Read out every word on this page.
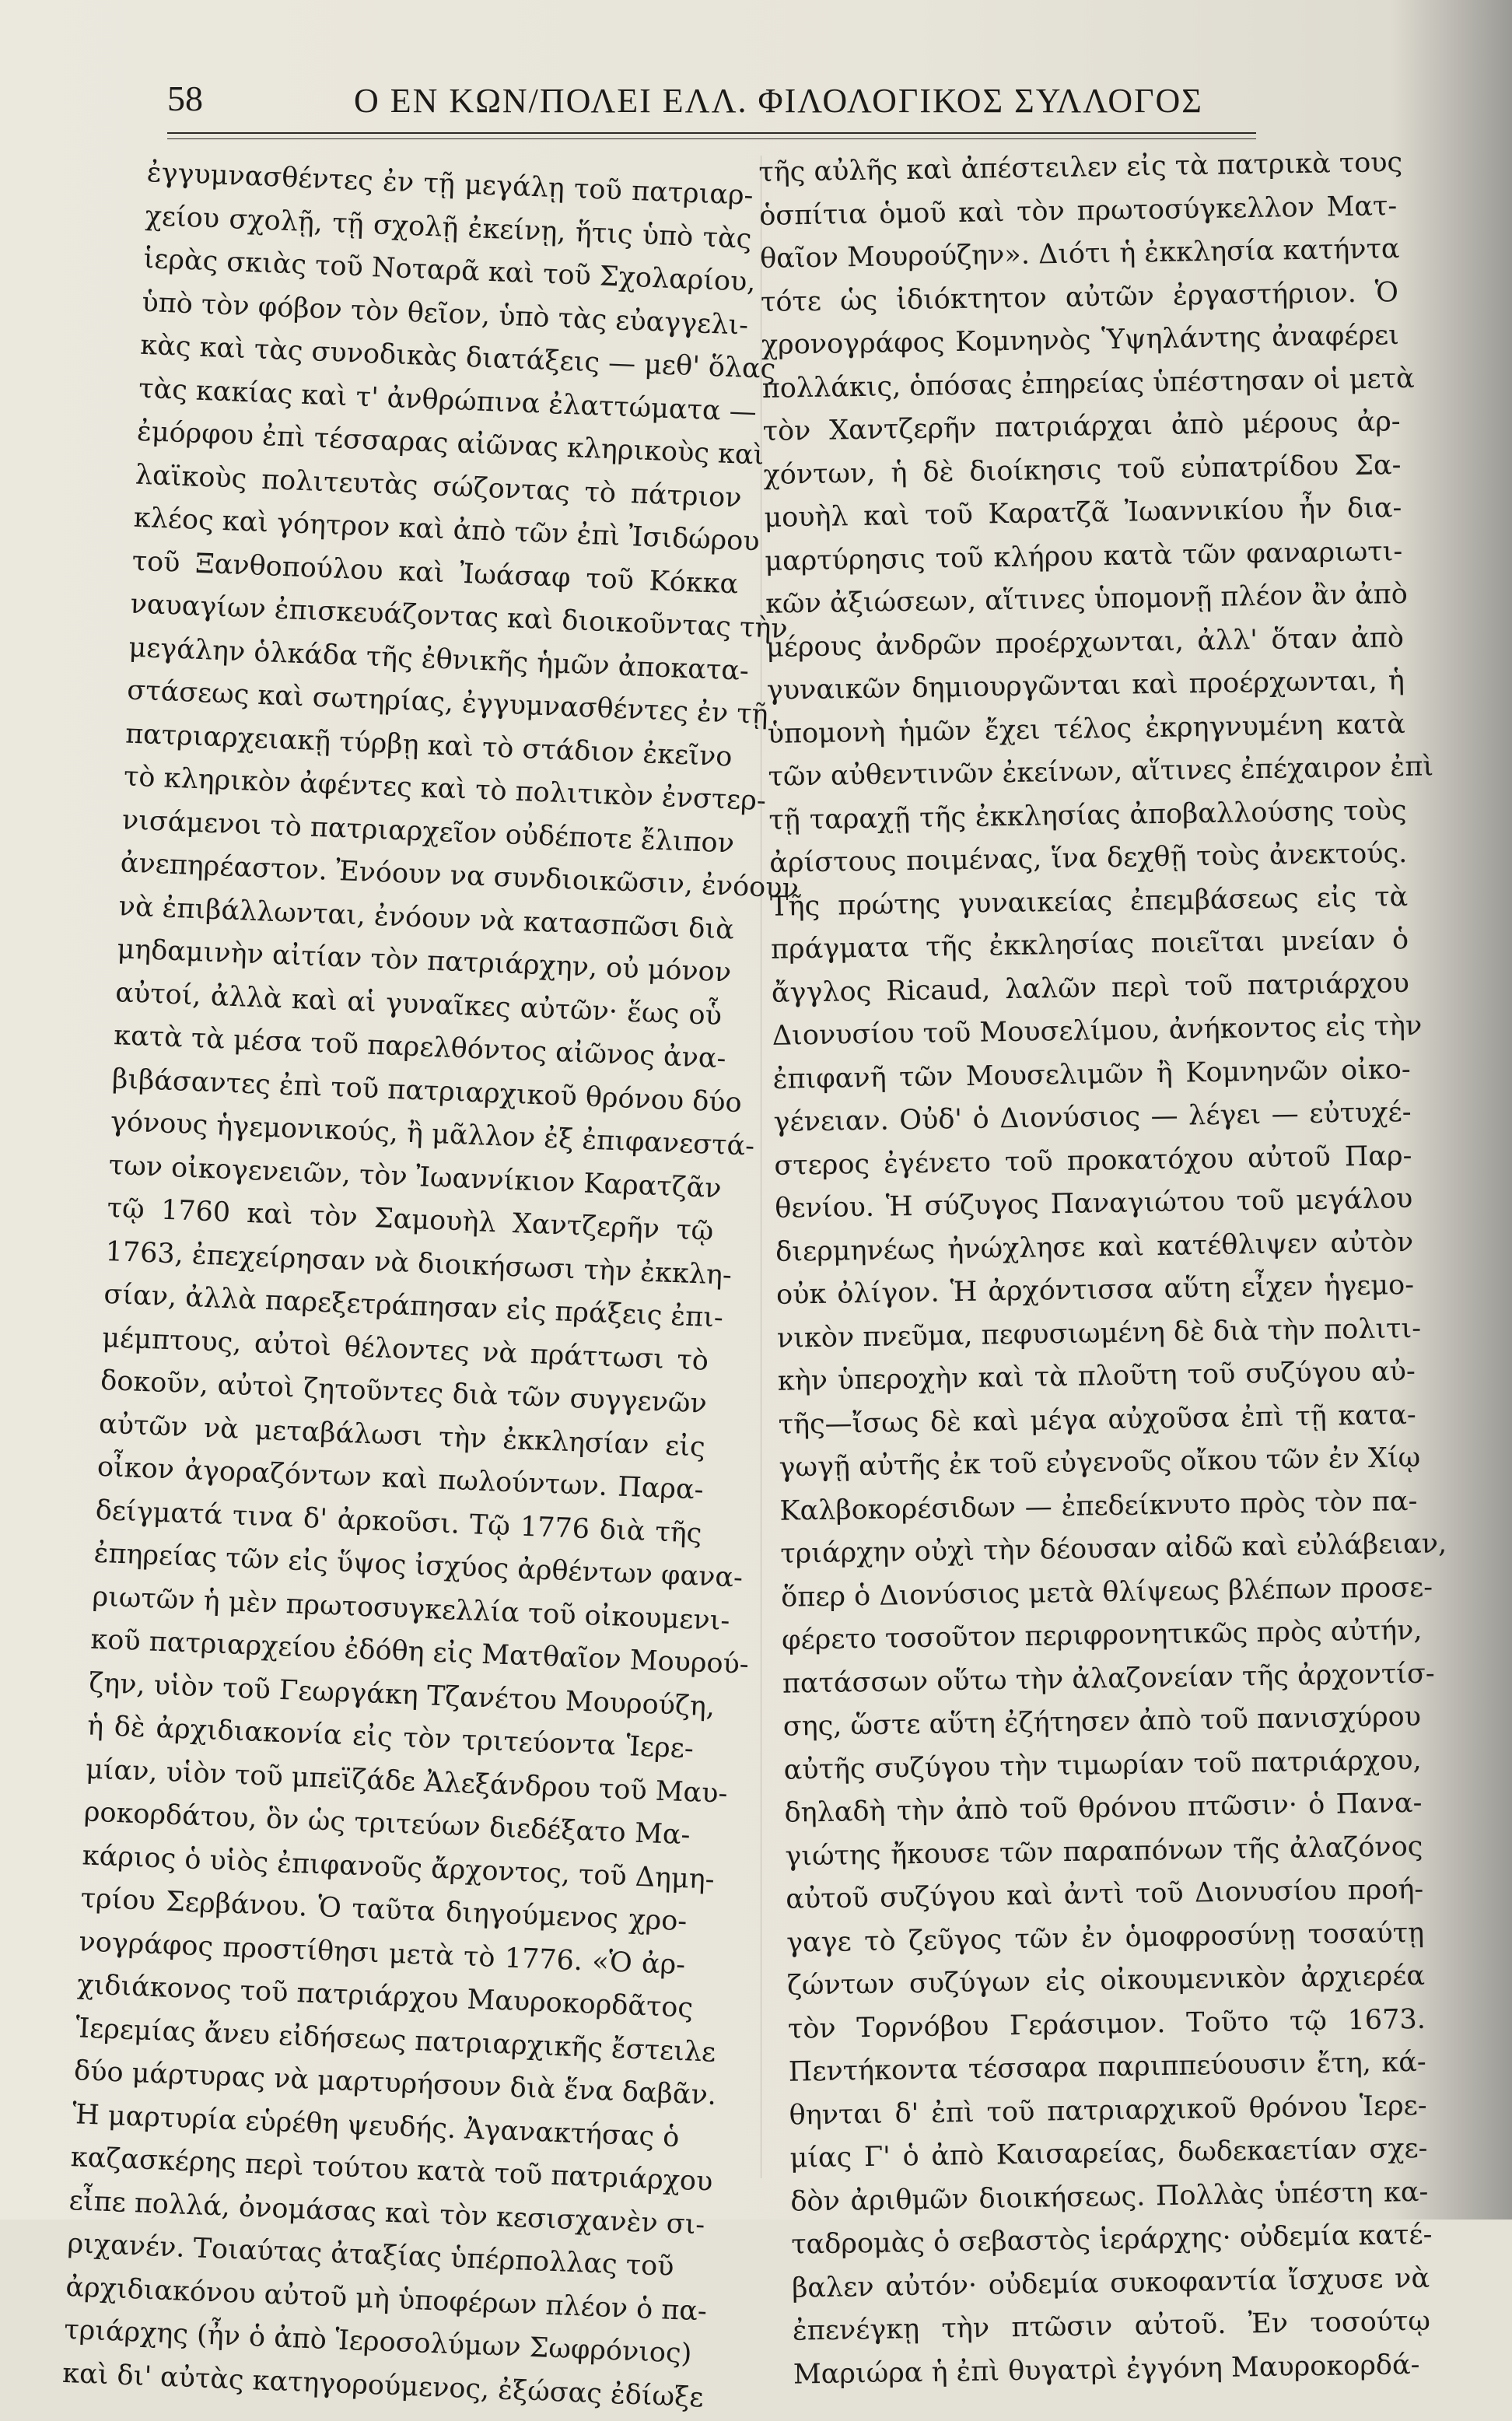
58	Ο ΕΝ ΚΩΝ/ΠΟΛΕΙ ΕΛΛ. ΦΙΛΟΛΟΓΙΚΟΣ ΣΥΛΛΟΓΟΣ
ἐγγυμνασθέντες ἐν τῇ μεγάλῃ τοῦ πατριαρ-
χείου σχολῇ, τῇ σχολῇ ἐκείνῃ, ἥτις ὑπὸ τὰς
ἱερὰς σκιὰς τοῦ Νοταρᾶ καὶ τοῦ Σχολαρίου,
ὑπὸ τὸν φόβον τὸν θεῖον, ὑπὸ τὰς εὐαγγελι-
κὰς καὶ τὰς συνοδικὰς διατάξεις — μεθ' ὅλας
τὰς κακίας καὶ τ' ἀνθρώπινα ἐλαττώματα —
ἐμόρφου ἐπὶ τέσσαρας αἰῶνας κληρικοὺς καὶ
λαϊκοὺς πολιτευτὰς σώζοντας τὸ πάτριον
κλέος καὶ γόητρον καὶ ἀπὸ τῶν ἐπὶ Ἰσιδώρου
τοῦ Ξανθοπούλου καὶ Ἰωάσαφ τοῦ Κόκκα
ναυαγίων ἐπισκευάζοντας καὶ διοικοῦντας τὴν
μεγάλην ὁλκάδα τῆς ἐθνικῆς ἡμῶν ἀποκατα-
στάσεως καὶ σωτηρίας, ἐγγυμνασθέντες ἐν τῇ
πατριαρχειακῇ τύρβῃ καὶ τὸ στάδιον ἐκεῖνο
τὸ κληρικὸν ἀφέντες καὶ τὸ πολιτικὸν ἐνστερ-
νισάμενοι τὸ πατριαρχεῖον οὐδέποτε ἔλιπον
ἀνεπηρέαστον. Ἐνόουν να συνδιοικῶσιν, ἐνόουν
νὰ ἐπιβάλλωνται, ἐνόουν νὰ κατασπῶσι διὰ
μηδαμινὴν αἰτίαν τὸν πατριάρχην, οὐ μόνον
αὐτοί, ἀλλὰ καὶ αἱ γυναῖκες αὐτῶν· ἕως οὗ
κατὰ τὰ μέσα τοῦ παρελθόντος αἰῶνος ἀνα-
βιβάσαντες ἐπὶ τοῦ πατριαρχικοῦ θρόνου δύο
γόνους ἡγεμονικούς, ἢ μᾶλλον ἐξ ἐπιφανεστά-
των οἰκογενειῶν, τὸν Ἰωαννίκιον Καρατζᾶν
τῷ 1760 καὶ τὸν Σαμουὴλ Χαντζερῆν τῷ
1763, ἐπεχείρησαν νὰ διοικήσωσι τὴν ἐκκλη-
σίαν, ἀλλὰ παρεξετράπησαν εἰς πράξεις ἐπι-
μέμπτους, αὐτοὶ θέλοντες νὰ πράττωσι τὸ
δοκοῦν, αὐτοὶ ζητοῦντες διὰ τῶν συγγενῶν
αὐτῶν νὰ μεταβάλωσι τὴν ἐκκλησίαν εἰς
οἶκον ἀγοραζόντων καὶ πωλούντων. Παρα-
δείγματά τινα δ' ἀρκοῦσι. Τῷ 1776 διὰ τῆς
ἐπηρείας τῶν εἰς ὕψος ἰσχύος ἀρθέντων φανα-
ριωτῶν ἡ μὲν πρωτοσυγκελλία τοῦ οἰκουμενι-
κοῦ πατριαρχείου ἐδόθη εἰς Ματθαῖον Μουρού-
ζην, υἱὸν τοῦ Γεωργάκη Τζανέτου Μουρούζη,
ἡ δὲ ἀρχιδιακονία εἰς τὸν τριτεύοντα Ἱερε-
μίαν, υἱὸν τοῦ μπεϊζάδε Ἀλεξάνδρου τοῦ Μαυ-
ροκορδάτου, ὃν ὡς τριτεύων διεδέξατο Μα-
κάριος ὁ υἱὸς ἐπιφανοῦς ἄρχοντος, τοῦ Δημη-
τρίου Σερβάνου. Ὁ ταῦτα διηγούμενος χρο-
νογράφος προστίθησι μετὰ τὸ 1776. «Ὁ ἀρ-
χιδιάκονος τοῦ πατριάρχου Μαυροκορδᾶτος
Ἱερεμίας ἄνευ εἰδήσεως πατριαρχικῆς ἔστειλε
δύο μάρτυρας νὰ μαρτυρήσουν διὰ ἕνα δαβᾶν.
Ἡ μαρτυρία εὑρέθη ψευδής. Ἀγανακτήσας ὁ
καζασκέρης περὶ τούτου κατὰ τοῦ πατριάρχου
εἶπε πολλά, ὀνομάσας καὶ τὸν κεσισχανὲν σι-
ριχανέν. Τοιαύτας ἀταξίας ὑπέρπολλας τοῦ
ἀρχιδιακόνου αὐτοῦ μὴ ὑποφέρων πλέον ὁ πα-
τριάρχης (ἦν ὁ ἀπὸ Ἱεροσολύμων Σωφρόνιος)
καὶ δι' αὐτὰς κατηγορούμενος, ἐξώσας ἐδίωξε
τῆς αὐλῆς καὶ ἀπέστειλεν εἰς τὰ πατρικὰ τους
ὁσπίτια ὁμοῦ καὶ τὸν πρωτοσύγκελλον Ματ-
θαῖον Μουρούζην». Διότι ἡ ἐκκλησία κατήντα
τότε ὡς ἰδιόκτητον αὐτῶν ἐργαστήριον. Ὁ
χρονογράφος Κομνηνὸς Ὑψηλάντης ἀναφέρει
πολλάκις, ὁπόσας ἐπηρείας ὑπέστησαν οἱ μετὰ
τὸν Χαντζερῆν πατριάρχαι ἀπὸ μέρους ἀρ-
χόντων, ἡ δὲ διοίκησις τοῦ εὐπατρίδου Σα-
μουὴλ καὶ τοῦ Καρατζᾶ Ἰωαννικίου ἦν δια-
μαρτύρησις τοῦ κλήρου κατὰ τῶν φαναριωτι-
κῶν ἀξιώσεων, αἵτινες ὑπομονῇ πλέον ἂν ἀπὸ
μέρους ἀνδρῶν προέρχωνται, ἀλλ' ὅταν ἀπὸ
γυναικῶν δημιουργῶνται καὶ προέρχωνται, ἡ
ὑπομονὴ ἡμῶν ἔχει τέλος ἐκρηγνυμένη κατὰ
τῶν αὐθεντινῶν ἐκείνων, αἵτινες ἐπέχαιρον ἐπὶ
τῇ ταραχῇ τῆς ἐκκλησίας ἀποβαλλούσης τοὺς
ἀρίστους ποιμένας, ἵνα δεχθῇ τοὺς ἀνεκτούς.
Τῆς πρώτης γυναικείας ἐπεμβάσεως εἰς τὰ
πράγματα τῆς ἐκκλησίας ποιεῖται μνείαν ὁ
ἄγγλος Ricaud, λαλῶν περὶ τοῦ πατριάρχου
Διονυσίου τοῦ Μουσελίμου, ἀνήκοντος εἰς τὴν
ἐπιφανῆ τῶν Μουσελιμῶν ἢ Κομνηνῶν οἰκο-
γένειαν. Οὐδ' ὁ Διονύσιος — λέγει — εὐτυχέ-
στερος ἐγένετο τοῦ προκατόχου αὐτοῦ Παρ-
θενίου. Ἡ σύζυγος Παναγιώτου τοῦ μεγάλου
διερμηνέως ἠνώχλησε καὶ κατέθλιψεν αὐτὸν
οὐκ ὀλίγον. Ἡ ἀρχόντισσα αὕτη εἶχεν ἡγεμο-
νικὸν πνεῦμα, πεφυσιωμένη δὲ διὰ τὴν πολιτι-
κὴν ὑπεροχὴν καὶ τὰ πλοῦτη τοῦ συζύγου αὐ-
τῆς—ἴσως δὲ καὶ μέγα αὐχοῦσα ἐπὶ τῇ κατα-
γωγῇ αὐτῆς ἐκ τοῦ εὐγενοῦς οἴκου τῶν ἐν Χίῳ
Καλβοκορέσιδων — ἐπεδείκνυτο πρὸς τὸν πα-
τριάρχην οὐχὶ τὴν δέουσαν αἰδῶ καὶ εὐλάβειαν,
ὅπερ ὁ Διονύσιος μετὰ θλίψεως βλέπων προσε-
φέρετο τοσοῦτον περιφρονητικῶς πρὸς αὐτήν,
πατάσσων οὕτω τὴν ἀλαζονείαν τῆς ἀρχοντίσ-
σης, ὥστε αὕτη ἐζήτησεν ἀπὸ τοῦ πανισχύρου
αὐτῆς συζύγου τὴν τιμωρίαν τοῦ πατριάρχου,
δηλαδὴ τὴν ἀπὸ τοῦ θρόνου πτῶσιν· ὁ Πανα-
γιώτης ἤκουσε τῶν παραπόνων τῆς ἀλαζόνος
αὐτοῦ συζύγου καὶ ἀντὶ τοῦ Διονυσίου προή-
γαγε τὸ ζεῦγος τῶν ἐν ὁμοφροσύνῃ τοσαύτῃ
ζώντων συζύγων εἰς οἰκουμενικὸν ἀρχιερέα
τὸν Τορνόβου Γεράσιμον. Τοῦτο τῷ 1673.
Πεντήκοντα τέσσαρα παριππεύουσιν ἔτη, κά-
θηνται δ' ἐπὶ τοῦ πατριαρχικοῦ θρόνου Ἱερε-
μίας Γ' ὁ ἀπὸ Καισαρείας, δωδεκαετίαν σχε-
δὸν ἀριθμῶν διοικήσεως. Πολλὰς ὑπέστη κα-
ταδρομὰς ὁ σεβαστὸς ἱεράρχης· οὐδεμία κατέ-
βαλεν αὐτόν· οὐδεμία συκοφαντία ἴσχυσε νὰ
ἐπενέγκῃ τὴν πτῶσιν αὐτοῦ. Ἐν τοσούτῳ
Μαριώρα ἡ ἐπὶ θυγατρὶ ἐγγόνη Μαυροκορδά-
